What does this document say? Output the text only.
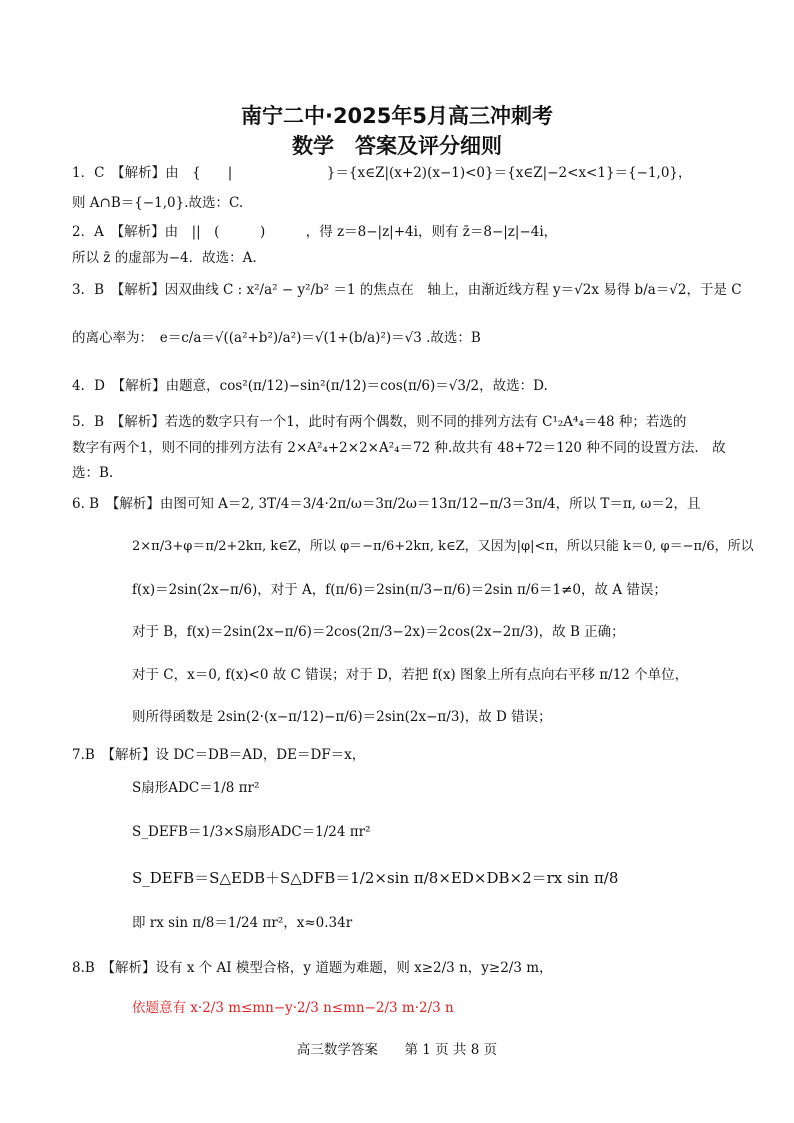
南宁二中·2025年5月高三冲刺考
数学　答案及评分细则
1．C　【解析】由　{　　|　　　　　　　}＝{x∈Z|(x+2)(x−1)<0}＝{x∈Z|−2<x<1}＝{−1,0}，
则 A∩B＝{−1,0}.故选：C.
2．A　【解析】由　||　(　　　)　　　，得 z＝8−|z|+4i，则有 z̄＝8−|z|−4i，
所以 z̄ 的虚部为−4．故选：A.
3．B　【解析】因双曲线 C : x²/a² − y²/b² ＝1 的焦点在　轴上，由渐近线方程 y＝√2x 易得 b/a＝√2，于是 C
的离心率为：　e＝c/a＝√((a²+b²)/a²)＝√(1+(b/a)²)＝√3 .故选：B
4．D　【解析】由题意，cos²(π/12)−sin²(π/12)＝cos(π/6)＝√3/2，故选：D.
5．B　【解析】若选的数字只有一个1，此时有两个偶数，则不同的排列方法有 C¹₂A⁴₄＝48 种；若选的
数字有两个1，则不同的排列方法有 2×A²₄+2×2×A²₄＝72 种.故共有 48+72＝120 种不同的设置方法.　故
选：B.
6. B　【解析】由图可知 A＝2, 3T/4＝3/4·2π/ω＝3π/2ω＝13π/12−π/3＝3π/4，所以 T＝π, ω＝2，且
2×π/3+φ＝π/2+2kπ, k∈Z，所以 φ＝−π/6+2kπ, k∈Z，又因为|φ|<π，所以只能 k＝0, φ＝−π/6，所以
f(x)＝2sin(2x−π/6)，对于 A，f(π/6)＝2sin(π/3−π/6)＝2sin π/6＝1≠0，故 A 错误；
对于 B，f(x)＝2sin(2x−π/6)＝2cos(2π/3−2x)＝2cos(2x−2π/3)，故 B 正确；
对于 C，x＝0, f(x)<0 故 C 错误；对于 D，若把 f(x) 图象上所有点向右平移 π/12 个单位，
则所得函数是 2sin(2·(x−π/12)−π/6)＝2sin(2x−π/3)，故 D 错误；
7.B　【解析】设 DC＝DB＝AD，DE＝DF＝x，
S扇形ADC＝1/8 πr²
S_DEFB＝1/3×S扇形ADC＝1/24 πr²
S_DEFB＝S△EDB＋S△DFB＝1/2×sin π/8×ED×DB×2＝rx sin π/8
即 rx sin π/8＝1/24 πr²，x≈0.34r
8.B　【解析】设有 x 个 AI 模型合格，y 道题为难题，则 x≥2/3 n，y≥2/3 m，
依题意有 x·2/3 m≤mn−y·2/3 n≤mn−2/3 m·2/3 n
高三数学答案 第 1 页 共 8 页
